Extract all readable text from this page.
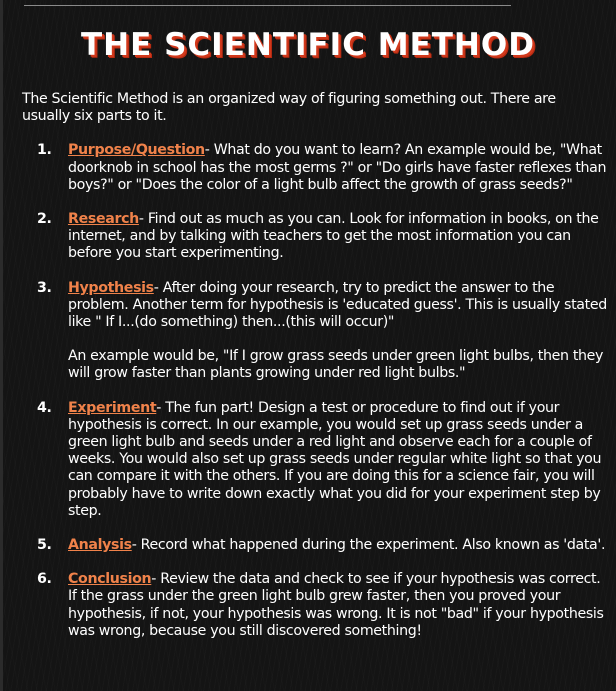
THE SCIENTIFIC METHOD

The Scientific Method is an organized way of figuring something out. There are usually six parts to it.

1. Purpose/Question- What do you want to learn? An example would be, "What doorknob in school has the most germs ?" or "Do girls have faster reflexes than boys?" or "Does the color of a light bulb affect the growth of grass seeds?"
2. Research- Find out as much as you can. Look for information in books, on the internet, and by talking with teachers to get the most information you can before you start experimenting.
3. Hypothesis- After doing your research, try to predict the answer to the problem. Another term for hypothesis is 'educated guess'. This is usually stated like " If I...(do something) then...(this will occur)"
An example would be, "If I grow grass seeds under green light bulbs, then they will grow faster than plants growing under red light bulbs."
4. Experiment- The fun part! Design a test or procedure to find out if your hypothesis is correct. In our example, you would set up grass seeds under a green light bulb and seeds under a red light and observe each for a couple of weeks. You would also set up grass seeds under regular white light so that you can compare it with the others. If you are doing this for a science fair, you will probably have to write down exactly what you did for your experiment step by step.
5. Analysis- Record what happened during the experiment. Also known as 'data'.
6. Conclusion- Review the data and check to see if your hypothesis was correct. If the grass under the green light bulb grew faster, then you proved your hypothesis, if not, your hypothesis was wrong. It is not "bad" if your hypothesis was wrong, because you still discovered something!
